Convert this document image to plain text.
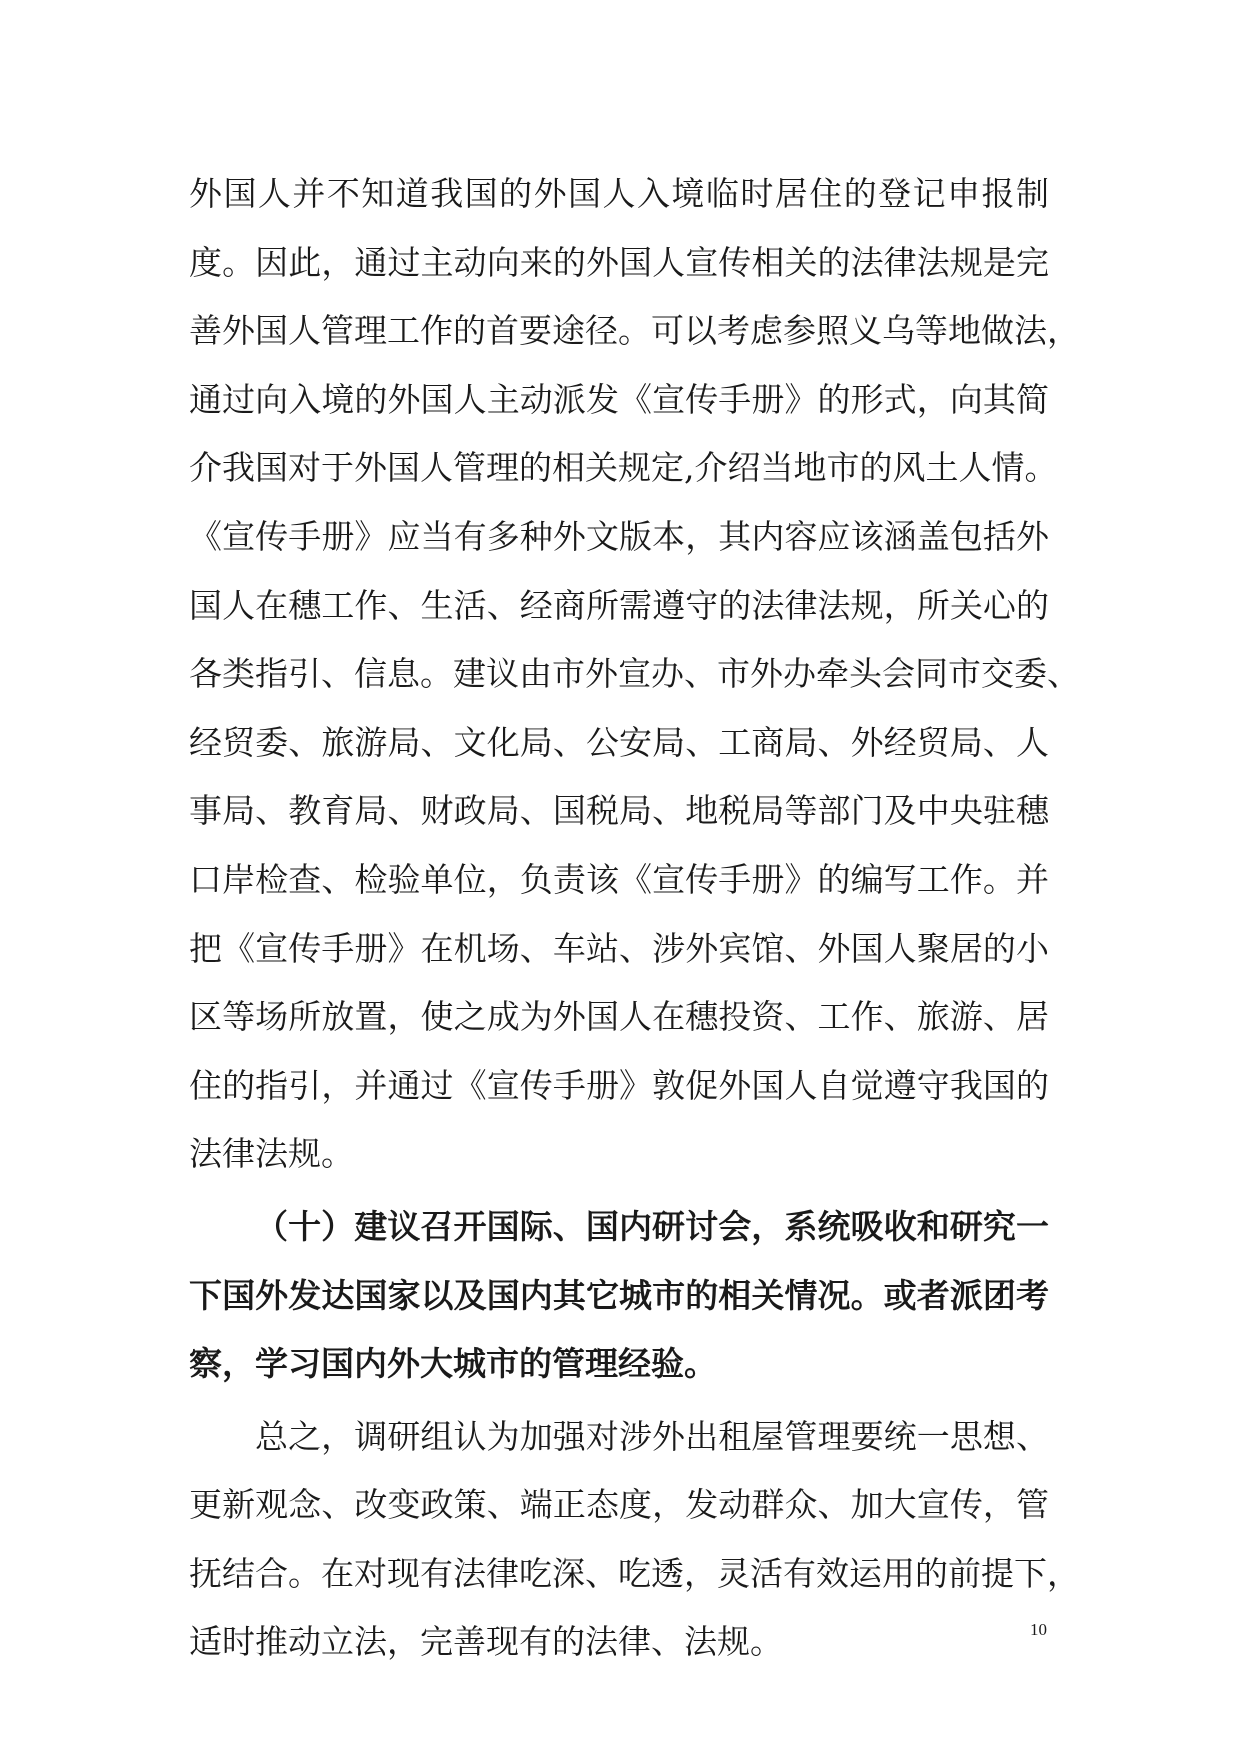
外国人并不知道我国的外国人入境临时居住的登记申报制
度。因此，通过主动向来的外国人宣传相关的法律法规是完
善外国人管理工作的首要途径。可以考虑参照义乌等地做法，
通过向入境的外国人主动派发《宣传手册》的形式，向其简
介我国对于外国人管理的相关规定,介绍当地市的风土人情。
《宣传手册》应当有多种外文版本，其内容应该涵盖包括外
国人在穗工作、生活、经商所需遵守的法律法规，所关心的
各类指引、信息。建议由市外宣办、市外办牵头会同市交委、
经贸委、旅游局、文化局、公安局、工商局、外经贸局、人
事局、教育局、财政局、国税局、地税局等部门及中央驻穗
口岸检查、检验单位，负责该《宣传手册》的编写工作。并
把《宣传手册》在机场、车站、涉外宾馆、外国人聚居的小
区等场所放置，使之成为外国人在穗投资、工作、旅游、居
住的指引，并通过《宣传手册》敦促外国人自觉遵守我国的
法律法规。
（十）建议召开国际、国内研讨会，系统吸收和研究一
下国外发达国家以及国内其它城市的相关情况。或者派团考
察，学习国内外大城市的管理经验。
总之，调研组认为加强对涉外出租屋管理要统一思想、
更新观念、改变政策、端正态度，发动群众、加大宣传，管
抚结合。在对现有法律吃深、吃透，灵活有效运用的前提下，
适时推动立法，完善现有的法律、法规。	10
